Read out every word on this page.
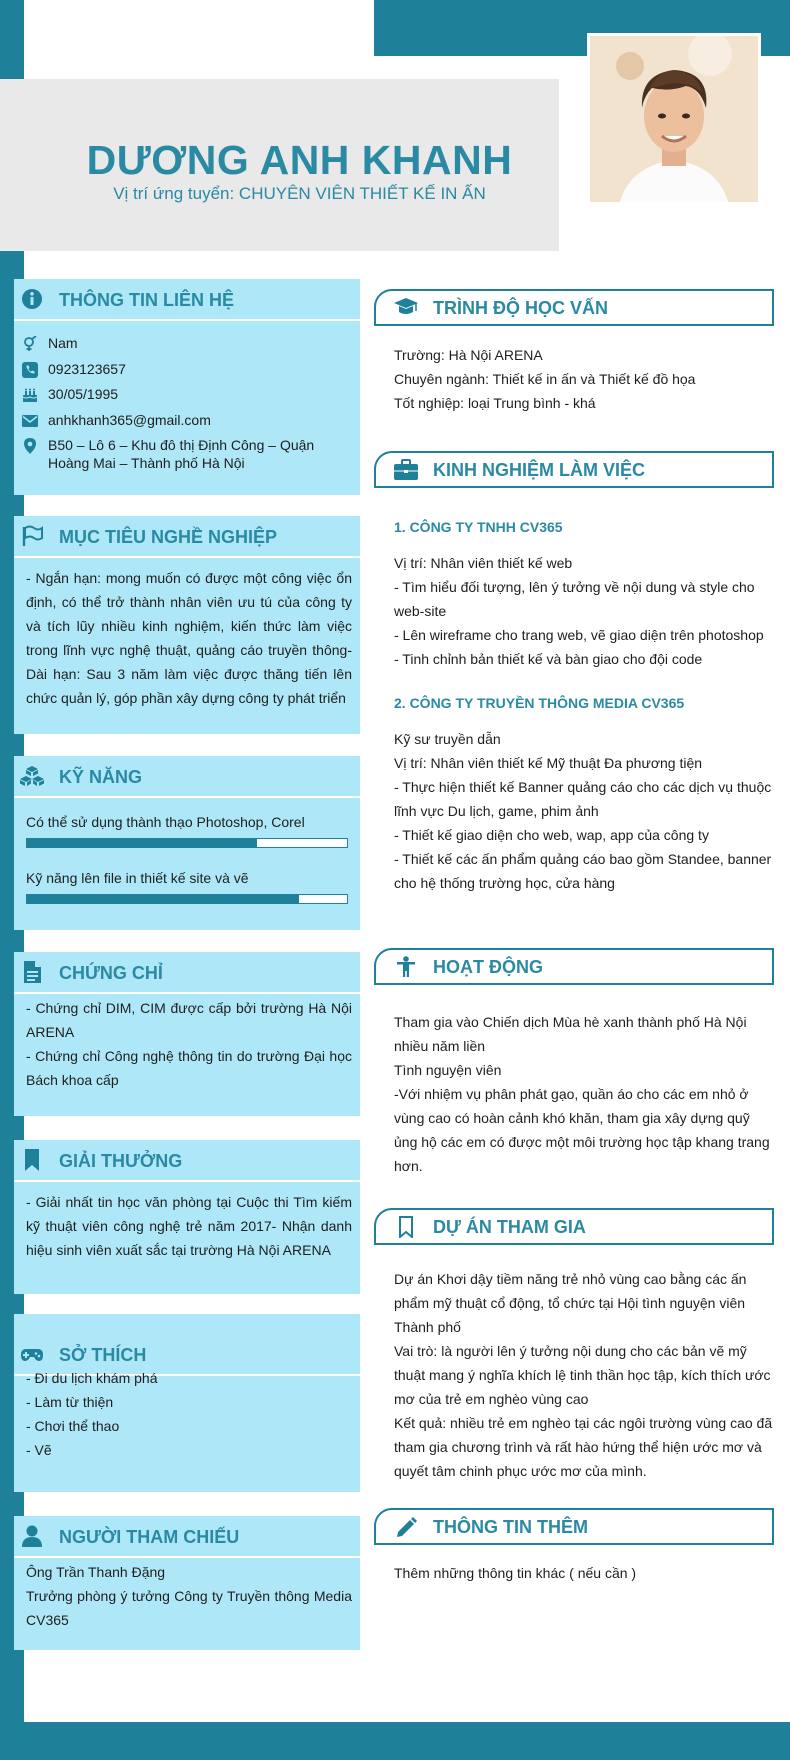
DƯƠNG ANH KHANH
Vị trí ứng tuyển: CHUYÊN VIÊN THIẾT KẾ IN ẤN
THÔNG TIN LIÊN HỆ
Nam
0923123657
30/05/1995
anhkhanh365@gmail.com
B50 – Lô 6 – Khu đô thị Định Công – Quận Hoàng Mai – Thành phố Hà Nội
MỤC TIÊU NGHỀ NGHIỆP
- Ngắn hạn: mong muốn có được một công việc ổn định, có thể trở thành nhân viên ưu tú của công ty và tích lũy nhiều kinh nghiệm, kiến thức làm việc trong lĩnh vực nghệ thuật, quảng cáo truyền thông- Dài hạn: Sau 3 năm làm việc được thăng tiến lên chức quản lý, góp phần xây dựng công ty phát triển
KỸ NĂNG
Có thể sử dụng thành thạo Photoshop, Corel
Kỹ năng lên file in thiết kế site và vẽ
CHỨNG CHỈ
- Chứng chỉ DIM, CIM được cấp bởi trường Hà Nội ARENA
- Chứng chỉ Công nghệ thông tin do trường Đại học Bách khoa cấp
GIẢI THƯỞNG
- Giải nhất tin học văn phòng tại Cuộc thi Tìm kiếm kỹ thuật viên công nghệ trẻ năm 2017- Nhận danh hiệu sinh viên xuất sắc tại trường Hà Nội ARENA
SỞ THÍCH
- Đi du lịch khám phá
- Làm từ thiện
- Chơi thể thao
- Vẽ
NGƯỜI THAM CHIẾU
Ông Trần Thanh Đặng
Trưởng phòng ý tưởng Công ty Truyền thông Media CV365
TRÌNH ĐỘ HỌC VẤN
Trường: Hà Nội ARENA
Chuyên ngành: Thiết kế in ấn và Thiết kế đồ họa
Tốt nghiệp: loại Trung bình - khá
KINH NGHIỆM LÀM VIỆC
1. CÔNG TY TNHH CV365
Vị trí: Nhân viên thiết kế web
- Tìm hiểu đối tượng, lên ý tưởng về nội dung và style cho web-site
- Lên wireframe cho trang web, vẽ giao diện trên photoshop
- Tinh chỉnh bản thiết kế và bàn giao cho đội code
2. CÔNG TY TRUYỀN THÔNG MEDIA CV365
Kỹ sư truyền dẫn
Vị trí: Nhân viên thiết kế Mỹ thuật Đa phương tiện
- Thực hiện thiết kế Banner quảng cáo cho các dịch vụ thuộc lĩnh vực Du lịch, game, phim ảnh
- Thiết kế giao diện cho web, wap, app của công ty
- Thiết kế các ấn phẩm quảng cáo bao gồm Standee, banner cho hệ thống trường học, cửa hàng
HOẠT ĐỘNG
Tham gia vào Chiến dịch Mùa hè xanh thành phố Hà Nội nhiều năm liền
Tình nguyện viên
-Với nhiệm vụ phân phát gạo, quần áo cho các em nhỏ ở vùng cao có hoàn cảnh khó khăn, tham gia xây dựng quỹ ủng hộ các em có được một môi trường học tập khang trang hơn.
DỰ ÁN THAM GIA
Dự án Khơi dậy tiềm năng trẻ nhỏ vùng cao bằng các ấn phẩm mỹ thuật cổ động, tổ chức tại Hội tình nguyện viên Thành phố
Vai trò: là người lên ý tưởng nội dung cho các bản vẽ mỹ thuật mang ý nghĩa khích lệ tinh thần học tập, kích thích ước mơ của trẻ em nghèo vùng cao
Kết quả: nhiều trẻ em nghèo tại các ngôi trường vùng cao đã tham gia chương trình và rất hào hứng thể hiện ước mơ và quyết tâm chinh phục ước mơ của mình.
THÔNG TIN THÊM
Thêm những thông tin khác ( nếu cần )
